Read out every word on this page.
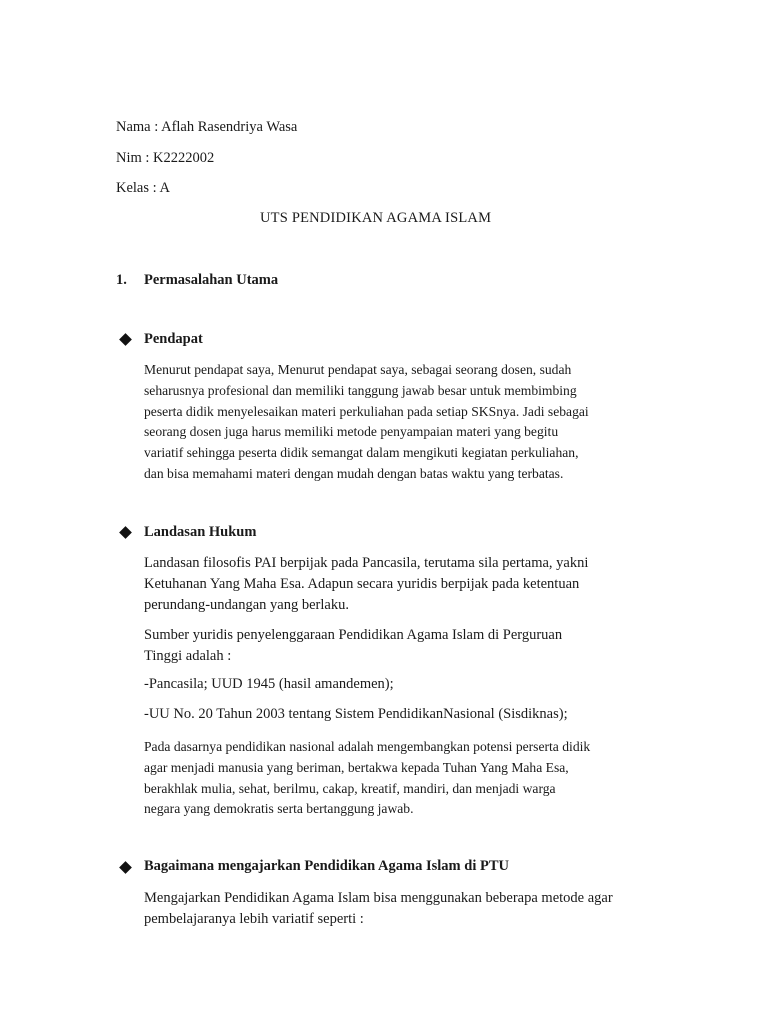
Nama : Aflah Rasendriya Wasa
Nim : K2222002
Kelas : A
UTS PENDIDIKAN AGAMA ISLAM
1. Permasalahan Utama
Pendapat

Menurut pendapat saya, Menurut pendapat saya, sebagai seorang dosen, sudah

seharusnya profesional dan memiliki tanggung jawab besar untuk membimbing

peserta didik menyelesaikan materi perkuliahan pada setiap SKSnya. Jadi sebagai

seorang dosen juga harus memiliki metode penyampaian materi yang begitu

variatif sehingga peserta didik semangat dalam mengikuti kegiatan perkuliahan,

dan bisa memahami materi dengan mudah dengan batas waktu yang terbatas.

Landasan Hukum

Landasan filosofis PAI berpijak pada Pancasila, terutama sila pertama, yakni

Ketuhanan Yang Maha Esa. Adapun secara yuridis berpijak pada ketentuan

perundang-undangan yang berlaku.

Sumber yuridis penyelenggaraan Pendidikan Agama Islam di Perguruan

Tinggi adalah :

-Pancasila; UUD 1945 (hasil amandemen);
-UU No. 20 Tahun 2003 tentang Sistem PendidikanNasional (Sisdiknas);

Pada dasarnya pendidikan nasional adalah mengembangkan potensi perserta didik

agar menjadi manusia yang beriman, bertakwa kepada Tuhan Yang Maha Esa,

berakhlak mulia, sehat, berilmu, cakap, kreatif, mandiri, dan menjadi warga

negara yang demokratis serta bertanggung jawab.

Bagaimana mengajarkan Pendidikan Agama Islam di PTU

Mengajarkan Pendidikan Agama Islam bisa menggunakan beberapa metode agar

pembelajaranya lebih variatif seperti :
